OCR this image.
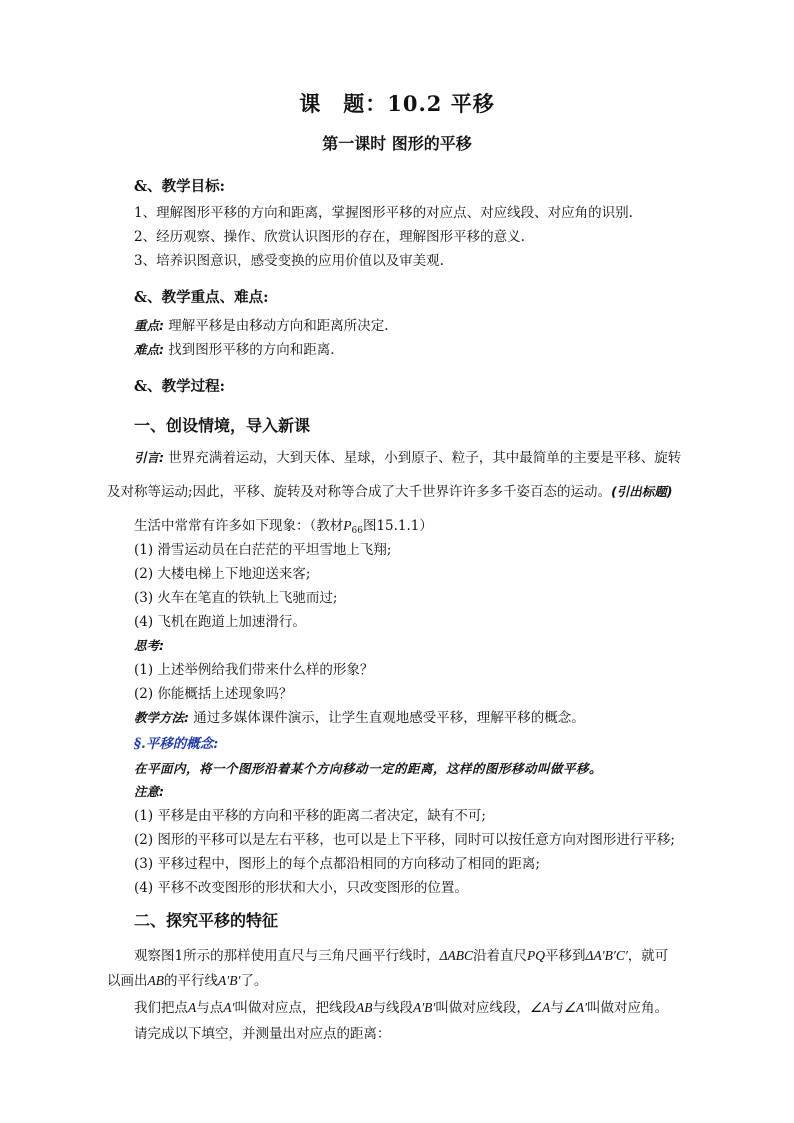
课　题：10.2 平移
第一课时 图形的平移
&、教学目标:
1、理解图形平移的方向和距离，掌握图形平移的对应点、对应线段、对应角的识别.
2、经历观察、操作、欣赏认识图形的存在，理解图形平移的意义.
3、培养识图意识，感受变换的应用价值以及审美观.
&、教学重点、难点:
重点: 理解平移是由移动方向和距离所决定.
难点: 找到图形平移的方向和距离.
&、教学过程:
一、创设情境，导入新课
引言: 世界充满着运动，大到天体、星球，小到原子、粒子，其中最简单的主要是平移、旋转
及对称等运动;因此，平移、旋转及对称等合成了大千世界许许多多千姿百态的运动。(引出标题)
生活中常常有许多如下现象：（教材$P_{66}$图15.1.1）
(1) 滑雪运动员在白茫茫的平坦雪地上飞翔;
(2) 大楼电梯上下地迎送来客;
(3) 火车在笔直的铁轨上飞驰而过;
(4) 飞机在跑道上加速滑行。
思考:
(1) 上述举例给我们带来什么样的形象？
(2) 你能概括上述现象吗？
教学方法: 通过多媒体课件演示，让学生直观地感受平移，理解平移的概念。
§.平移的概念:
在平面内，将一个图形沿着某个方向移动一定的距离，这样的图形移动叫做平移。
注意:
(1) 平移是由平移的方向和平移的距离二者决定，缺有不可;
(2) 图形的平移可以是左右平移，也可以是上下平移，同时可以按任意方向对图形进行平移;
(3) 平移过程中，图形上的每个点都沿相同的方向移动了相同的距离;
(4) 平移不改变图形的形状和大小，只改变图形的位置。
二、探究平移的特征
观察图1所示的那样使用直尺与三角尺画平行线时，ΔABC沿着直尺PQ平移到ΔA′B′C′，就可
以画出AB的平行线A′B′了。
我们把点A与点A′叫做对应点，把线段AB与线段A′B′叫做对应线段，∠A与∠A′叫做对应角。
请完成以下填空，并测量出对应点的距离：
